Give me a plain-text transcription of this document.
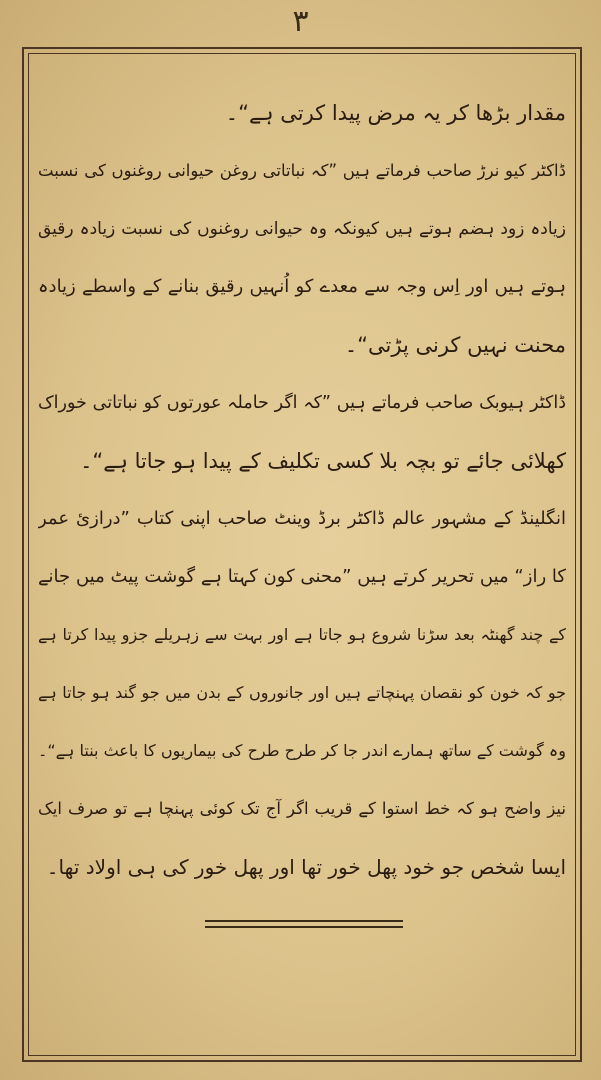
۳
مقدار بڑھا کر یہ مرض پیدا کرتی ہے“۔
ڈاکٹر کیو نرڑ صاحب فرماتے ہیں ”کہ نباتاتی روغن حیوانی روغنوں کی نسبت
زیادہ زود ہضم ہوتے ہیں کیونکہ وہ حیوانی روغنوں کی نسبت زیادہ رقیق
ہوتے ہیں اور اِس وجہ سے معدے کو اُنہیں رقیق بنانے کے واسطے زیادہ
محنت نہیں کرنی پڑتی“۔
ڈاکٹر ہیوبک صاحب فرماتے ہیں ”کہ اگر حاملہ عورتوں کو نباتاتی خوراک
کھلائی جائے تو بچہ بلا کسی تکلیف کے پیدا ہو جاتا ہے“۔
انگلینڈ کے مشہور عالم ڈاکٹر برڈ وینٹ صاحب اپنی کتاب ”درازیٔ عمر
کا راز“ میں تحریر کرتے ہیں ”محنی کون کہتا ہے گوشت پیٹ میں جانے
کے چند گھنٹہ بعد سڑنا شروع ہو جاتا ہے اور بہت سے زہریلے جزو پیدا کرتا ہے
جو کہ خون کو نقصان پہنچاتے ہیں اور جانوروں کے بدن میں جو گند ہو جاتا ہے
وہ گوشت کے ساتھ ہمارے اندر جا کر طرح طرح کی بیماریوں کا باعث بنتا ہے“۔
نیز واضح ہو کہ خط استوا کے قریب اگر آج تک کوئی پہنچا ہے تو صرف ایک
ایسا شخص جو خود پھل خور تھا اور پھل خور کی ہی اولاد تھا۔
